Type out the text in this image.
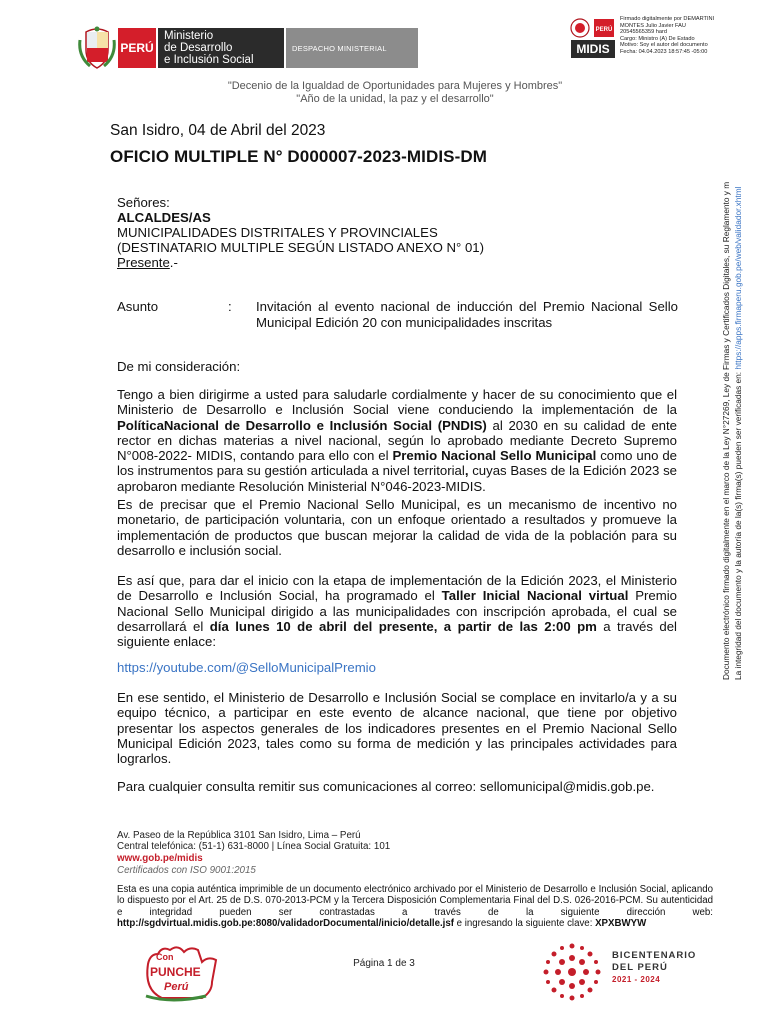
PERÚ
Ministerio
de Desarrollo
e Inclusión Social
DESPACHO MINISTERIAL
PERÚ
MIDIS
Firmado digitalmente por DEMARTINI
MONTES Julio Javier FAU
20545565359 hard
Cargo: Ministro (A) De Estado
Motivo: Soy el autor del documento
Fecha: 04.04.2023 18:57:45 -05:00
"Decenio de la Igualdad de Oportunidades para Mujeres y Hombres"
"Año de la unidad, la paz y el desarrollo"
San Isidro, 04 de Abril del 2023
OFICIO MULTIPLE N° D000007-2023-MIDIS-DM
Señores:
ALCALDES/AS
MUNICIPALIDADES DISTRITALES Y PROVINCIALES
(DESTINATARIO MULTIPLE SEGÚN LISTADO ANEXO N° 01)
Presente.-
Asunto	: Invitación al evento nacional de inducción del Premio Nacional Sello Municipal Edición 20 con municipalidades inscritas
De mi consideración:
Tengo a bien dirigirme a usted para saludarle cordialmente y hacer de su conocimiento que el Ministerio de Desarrollo e Inclusión Social viene conduciendo la implementación de la PolíticaNacional de Desarrollo e Inclusión Social (PNDIS) al 2030 en su calidad de ente rector en dichas materias a nivel nacional, según lo aprobado mediante Decreto Supremo N°008-2022- MIDIS, contando para ello con el Premio Nacional Sello Municipal como uno de los instrumentos para su gestión articulada a nivel territorial, cuyas Bases de la Edición 2023 se aprobaron mediante Resolución Ministerial N°046-2023-MIDIS.
Es de precisar que el Premio Nacional Sello Municipal, es un mecanismo de incentivo no monetario, de participación voluntaria, con un enfoque orientado a resultados y promueve la implementación de productos que buscan mejorar la calidad de vida de la población para su desarrollo e inclusión social.
Es así que, para dar el inicio con la etapa de implementación de la Edición 2023, el Ministerio de Desarrollo e Inclusión Social, ha programado el Taller Inicial Nacional virtual Premio Nacional Sello Municipal dirigido a las municipalidades con inscripción aprobada, el cual se desarrollará el día lunes 10 de abril del presente, a partir de las 2:00 pm a través del siguiente enlace:
https://youtube.com/@SelloMunicipalPremio
En ese sentido, el Ministerio de Desarrollo e Inclusión Social se complace en invitarlo/a y a su equipo técnico, a participar en este evento de alcance nacional, que tiene por objetivo presentar los aspectos generales de los indicadores presentes en el Premio Nacional Sello Municipal Edición 2023, tales como su forma de medición y las principales actividades para lograrlos.
Para cualquier consulta remitir sus comunicaciones al correo: sellomunicipal@midis.gob.pe.
Documento electrónico firmado digitalmente en el marco de la Ley N°27269, Ley de Firmas y Certificados Digitales, su Reglamento y m La integridad del documento y la autoría de la(s) firma(s) pueden ser verificadas en: https://apps.firmaperu.gob.pe/web/validador.xhtml
Av. Paseo de la República 3101 San Isidro, Lima – Perú
Central telefónica: (51-1) 631-8000 | Línea Social Gratuita: 101
www.gob.pe/midis
Certificados con ISO 9001:2015
Esta es una copia auténtica imprimible de un documento electrónico archivado por el Ministerio de Desarrollo e Inclusión Social, aplicando lo dispuesto por el Art. 25 de D.S. 070-2013-PCM y la Tercera Disposición Complementaria Final del D.S. 026-2016-PCM. Su autenticidad e integridad pueden ser contrastadas a través de la siguiente dirección web: http://sgdvirtual.midis.gob.pe:8080/validadorDocumental/inicio/detalle.jsf e ingresando la siguiente clave: XPXBWYW
Con
PUNCHE
Perú
Página 1 de 3
BICENTENARIO
DEL PERÚ
2021 - 2024
